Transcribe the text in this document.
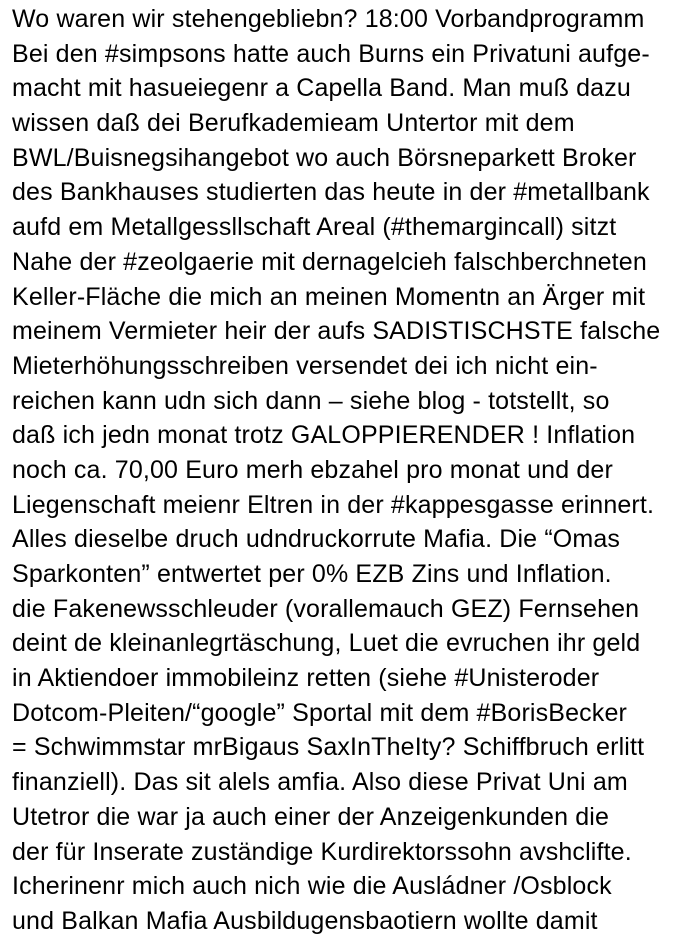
Wo waren wir stehengebliebn? 18:00 Vorbandprogramm
Bei den #simpsons hatte auch Burns ein Privatuni aufge-
macht mit hasueiegenr a Capella Band. Man muß dazu
wissen daß dei Berufkademieam Untertor mit dem
BWL/Buisnegsihangebot wo auch Börsneparkett Broker
des Bankhauses studierten das heute in der #metallbank
aufd em Metallgessllschaft Areal (#themargincall) sitzt
Nahe der #zeolgaerie mit dernagelcieh falschberchneten
Keller-Fläche die mich an meinen Momentn an Ärger mit
meinem Vermieter heir der aufs SADISTISCHSTE falsche
Mieterhöhungsschreiben versendet dei ich nicht ein-
reichen kann udn sich dann – siehe blog - totstellt, so
daß ich jedn monat trotz GALOPPIERENDER ! Inflation
noch ca. 70,00 Euro merh ebzahel pro monat und der
Liegenschaft meienr Eltren in der #kappesgasse erinnert.
Alles dieselbe druch udndruckorrute Mafia. Die “Omas
Sparkonten” entwertet per 0% EZB Zins und Inflation.
die Fakenewsschleuder (vorallemauch GEZ) Fernsehen
deint de kleinanlegrtäschung, Luet die evruchen ihr geld
in Aktiendoer immobileinz retten (siehe #Unisteroder
Dotcom-Pleiten/“google” Sportal mit dem #BorisBecker
= Schwimmstar mrBigaus SaxInTheIty? Schiffbruch erlitt
finanziell). Das sit alels amfia. Also diese Privat Uni am
Utetror die war ja auch einer der Anzeigenkunden die
der für Inserate zuständige Kurdirektorssohn avshclifte.
Icherinenr mich auch nich wie die Ausládner /Osblock
und Balkan Mafia Ausbildugensbaotiern wollte damit
